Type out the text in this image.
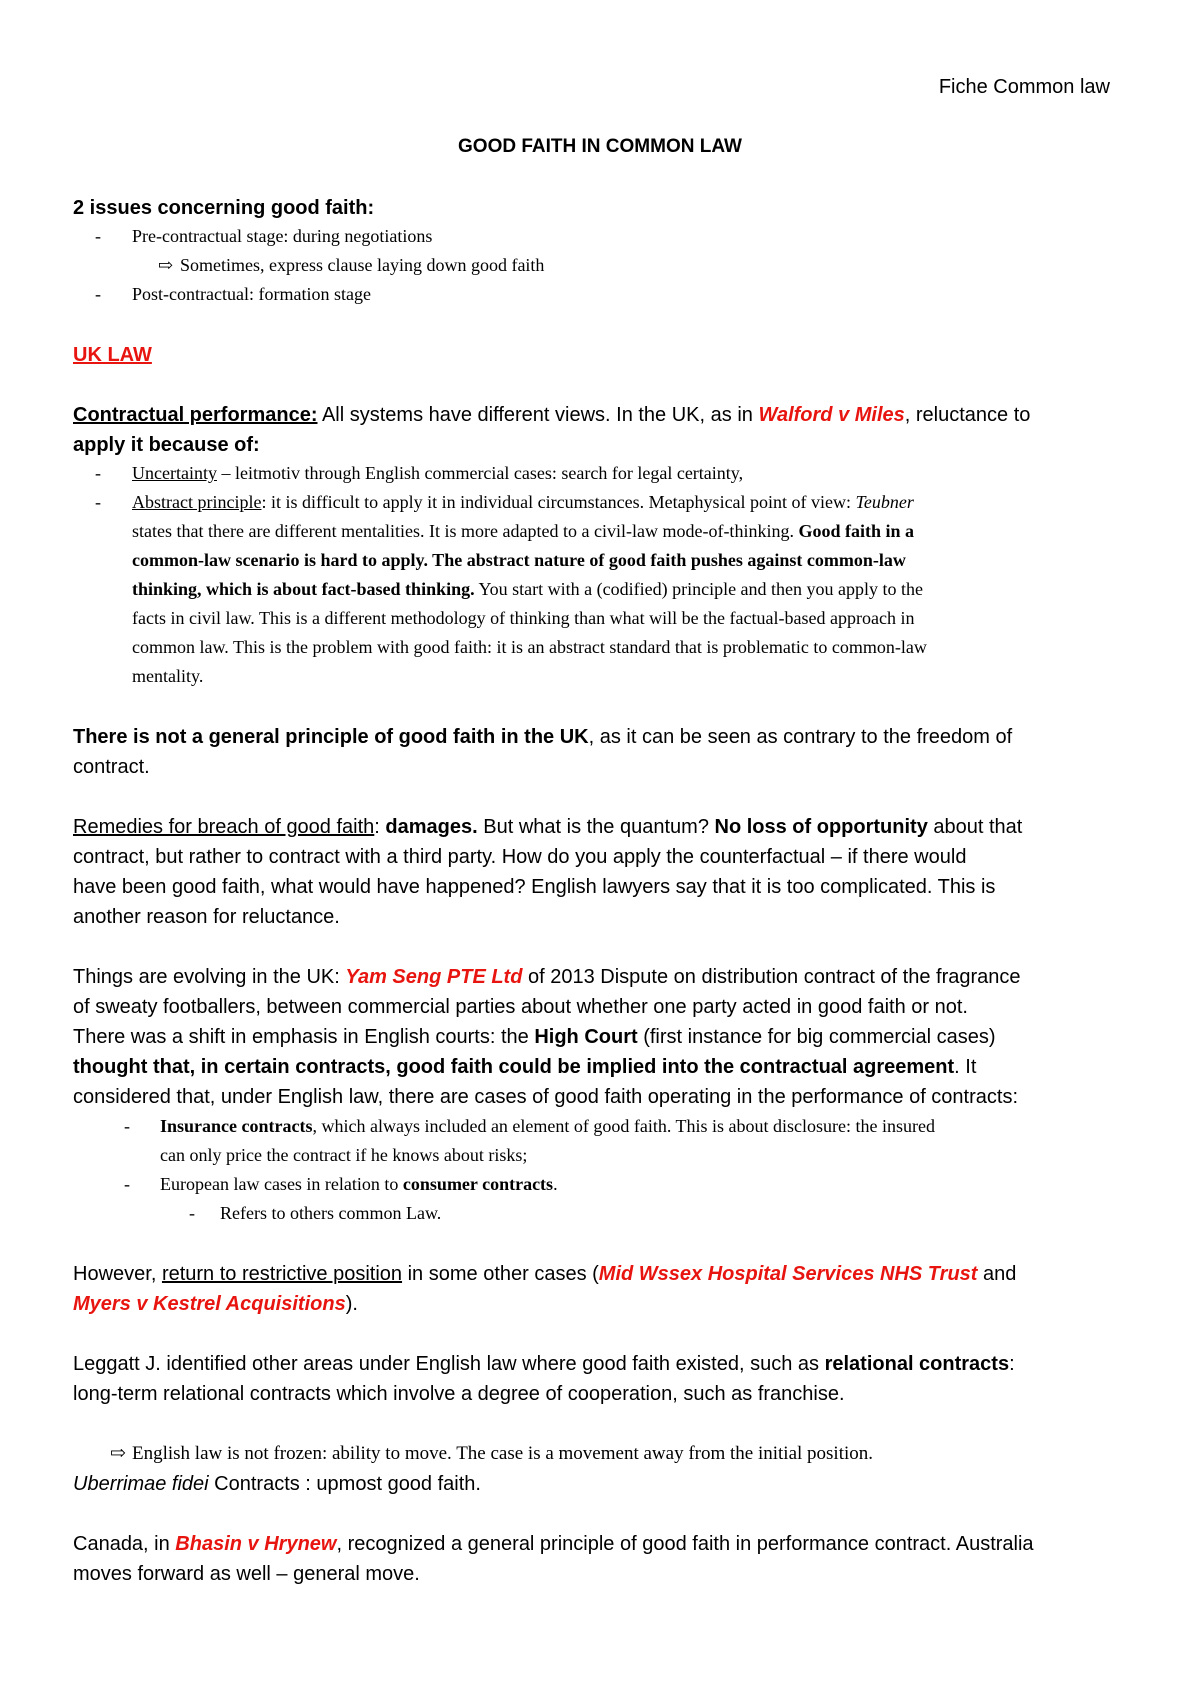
Fiche Common law
GOOD FAITH IN COMMON LAW
2 issues concerning good faith:
- Pre-contractual stage: during negotiations
⇨ Sometimes, express clause laying down good faith
- Post-contractual: formation stage
UK LAW
Contractual performance: All systems have different views. In the UK, as in Walford v Miles, reluctance to
apply it because of:
- Uncertainty – leitmotiv through English commercial cases: search for legal certainty,
- Abstract principle: it is difficult to apply it in individual circumstances. Metaphysical point of view: Teubner
states that there are different mentalities. It is more adapted to a civil-law mode-of-thinking. Good faith in a
common-law scenario is hard to apply. The abstract nature of good faith pushes against common-law
thinking, which is about fact-based thinking. You start with a (codified) principle and then you apply to the
facts in civil law. This is a different methodology of thinking than what will be the factual-based approach in
common law. This is the problem with good faith: it is an abstract standard that is problematic to common-law
mentality.
There is not a general principle of good faith in the UK, as it can be seen as contrary to the freedom of
contract.
Remedies for breach of good faith: damages. But what is the quantum? No loss of opportunity about that
contract, but rather to contract with a third party. How do you apply the counterfactual – if there would
have been good faith, what would have happened? English lawyers say that it is too complicated. This is
another reason for reluctance.
Things are evolving in the UK: Yam Seng PTE Ltd of 2013 Dispute on distribution contract of the fragrance
of sweaty footballers, between commercial parties about whether one party acted in good faith or not.
There was a shift in emphasis in English courts: the High Court (first instance for big commercial cases)
thought that, in certain contracts, good faith could be implied into the contractual agreement. It
considered that, under English law, there are cases of good faith operating in the performance of contracts:
- Insurance contracts, which always included an element of good faith. This is about disclosure: the insured
can only price the contract if he knows about risks;
- European law cases in relation to consumer contracts.
- Refers to others common Law.
However, return to restrictive position in some other cases (Mid Wssex Hospital Services NHS Trust and
Myers v Kestrel Acquisitions).
Leggatt J. identified other areas under English law where good faith existed, such as relational contracts:
long-term relational contracts which involve a degree of cooperation, such as franchise.
⇨ English law is not frozen: ability to move. The case is a movement away from the initial position.
Uberrimae fidei Contracts : upmost good faith.
Canada, in Bhasin v Hrynew, recognized a general principle of good faith in performance contract. Australia
moves forward as well – general move.
